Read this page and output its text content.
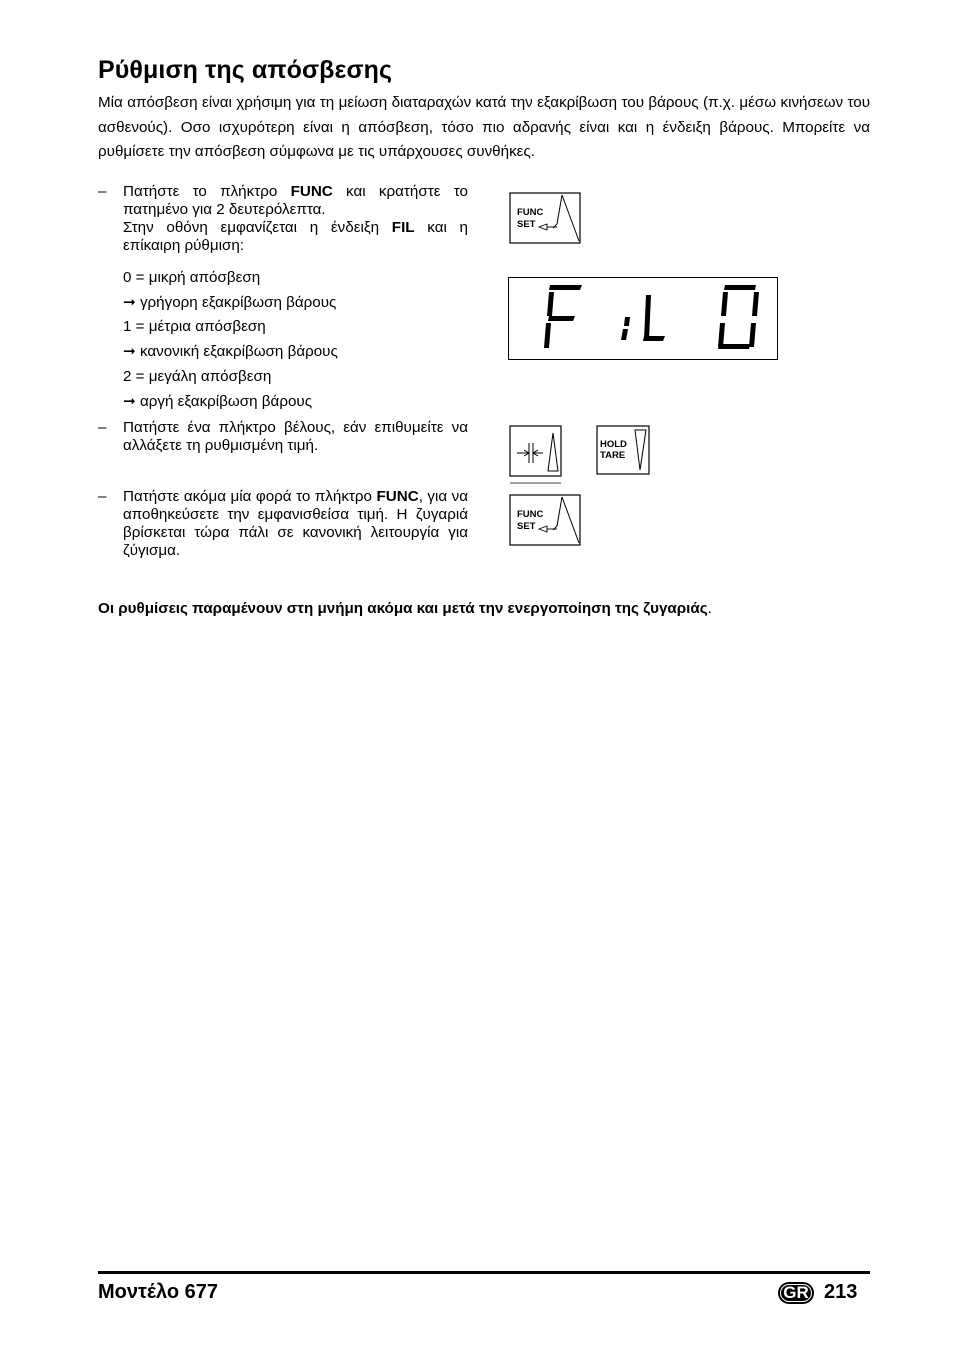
Ρύθμιση της απόσβεσης

Μία απόσβεση είναι χρήσιμη για τη μείωση διαταραχών κατά την εξακρίβωση του βάρους (π.χ. μέσω κινήσεων του ασθενούς). Οσο ισχυρότερη είναι η απόσβεση, τόσο πιο αδρανής είναι και η ένδειξη βάρους. Μπορείτε να ρυθμίσετε την απόσβεση σύμφωνα με τις υπάρχουσες συνθήκες.

– Πατήστε το πλήκτρο FUNC και κρατήστε το πατημένο για 2 δευτερόλεπτα.
Στην οθόνη εμφανίζεται η ένδειξη FIL και η επίκαιρη ρύθμιση:
0 = μικρή απόσβεση
➞ γρήγορη εξακρίβωση βάρους
1 = μέτρια απόσβεση
➞ κανονική εξακρίβωση βάρους
2 = μεγάλη απόσβεση
➞ αργή εξακρίβωση βάρους
– Πατήστε ένα πλήκτρο βέλους, εάν επιθυμείτε να αλλάξετε τη ρυθμισμένη τιμή.
– Πατήστε ακόμα μία φορά το πλήκτρο FUNC, για να αποθηκεύσετε την εμφανισθείσα τιμή. Η ζυγαριά βρίσκεται τώρα πάλι σε κανονική λειτουργία για ζύγισμα.
FUNC
SET
HOLD
TARE
FUNC
SET
Οι ρυθμίσεις παραμένουν στη μνήμη ακόμα και μετά την ενεργοποίηση της ζυγαριάς.
Μοντέλο 677	GR 213
